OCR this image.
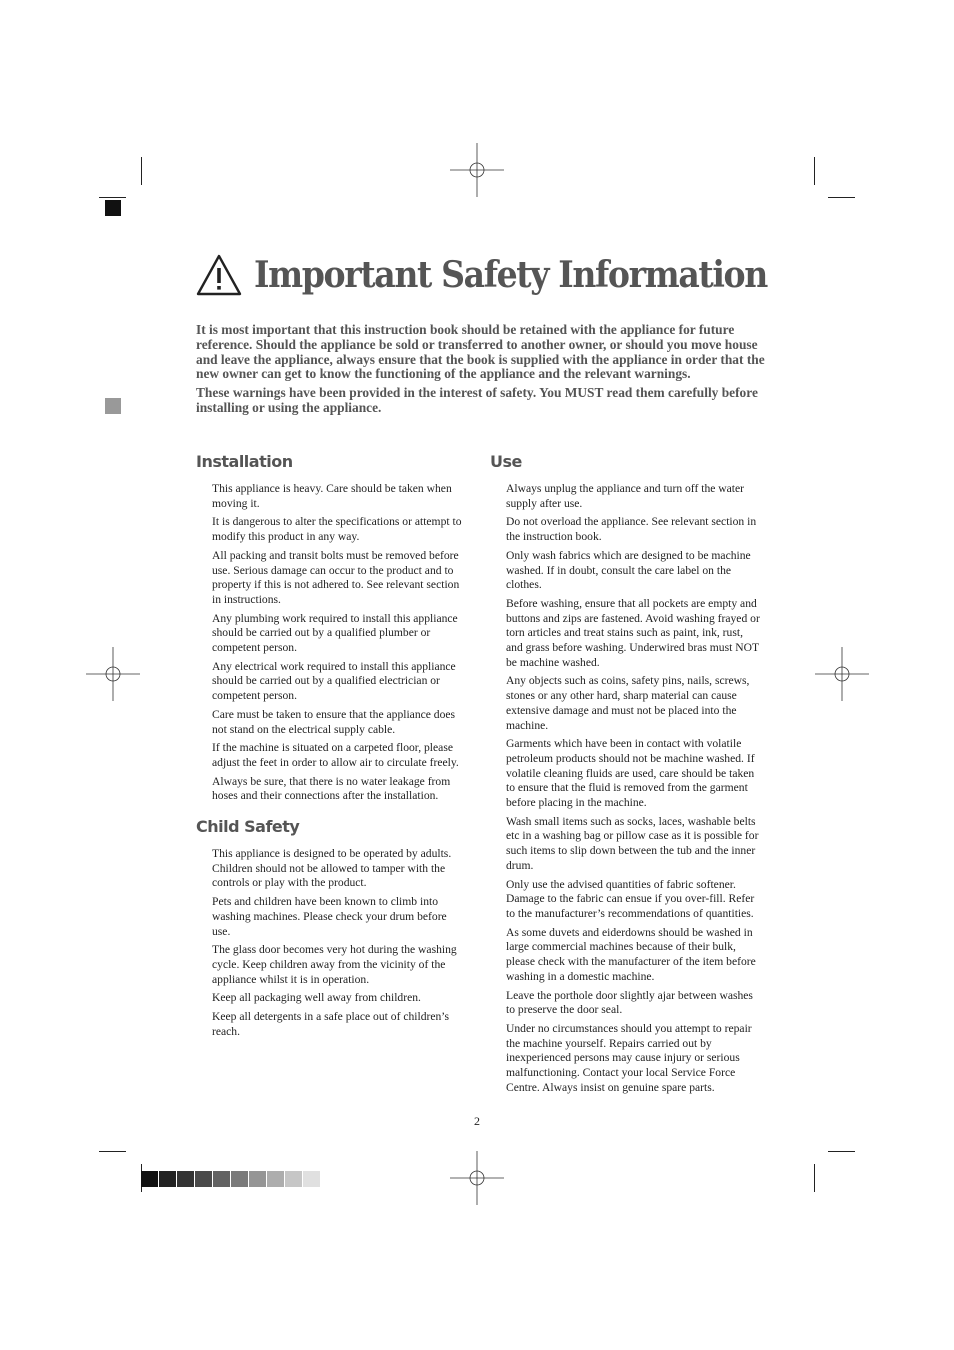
Important Safety Information

It is most important that this instruction book should be retained with the appliance for future reference. Should the appliance be sold or transferred to another owner, or should you move house and leave the appliance, always ensure that the book is supplied with the appliance in order that the new owner can get to know the functioning of the appliance and the relevant warnings.

These warnings have been provided in the interest of safety. You MUST read them carefully before installing or using the appliance.

Installation

This appliance is heavy. Care should be taken when moving it.

It is dangerous to alter the specifications or attempt to modify this product in any way.

All packing and transit bolts must be removed before use. Serious damage can occur to the product and to property if this is not adhered to. See relevant section in instructions.

Any plumbing work required to install this appliance should be carried out by a qualified plumber or competent person.

Any electrical work required to install this appliance should be carried out by a qualified electrician or competent person.

Care must be taken to ensure that the appliance does not stand on the electrical supply cable.

If the machine is situated on a carpeted floor, please adjust the feet in order to allow air to circulate freely.

Always be sure, that there is no water leakage from hoses and their connections after the installation.

Child Safety

This appliance is designed to be operated by adults. Children should not be allowed to tamper with the controls or play with the product.

Pets and children have been known to climb into washing machines. Please check your drum before use.

The glass door becomes very hot during the washing cycle. Keep children away from the vicinity of the appliance whilst it is in operation.

Keep all packaging well away from children.

Keep all detergents in a safe place out of children’s reach.

Use

Always unplug the appliance and turn off the water supply after use.

Do not overload the appliance. See relevant section in the instruction book.

Only wash fabrics which are designed to be machine washed. If in doubt, consult the care label on the clothes.

Before washing, ensure that all pockets are empty and buttons and zips are fastened. Avoid washing frayed or torn articles and treat stains such as paint, ink, rust, and grass before washing. Underwired bras must NOT be machine washed.

Any objects such as coins, safety pins, nails, screws, stones or any other hard, sharp material can cause extensive damage and must not be placed into the machine.

Garments which have been in contact with volatile petroleum products should not be machine washed. If volatile cleaning fluids are used, care should be taken to ensure that the fluid is removed from the garment before placing in the machine.

Wash small items such as socks, laces, washable belts etc in a washing bag or pillow case as it is possible for such items to slip down between the tub and the inner drum.

Only use the advised quantities of fabric softener. Damage to the fabric can ensue if you over-fill. Refer to the manufacturer’s recommendations of quantities.

As some duvets and eiderdowns should be washed in large commercial machines because of their bulk, please check with the manufacturer of the item before washing in a domestic machine.

Leave the porthole door slightly ajar between washes to preserve the door seal.

Under no circumstances should you attempt to repair the machine yourself. Repairs carried out by inexperienced persons may cause injury or serious malfunctioning. Contact your local Service Force Centre. Always insist on genuine spare parts.

2
